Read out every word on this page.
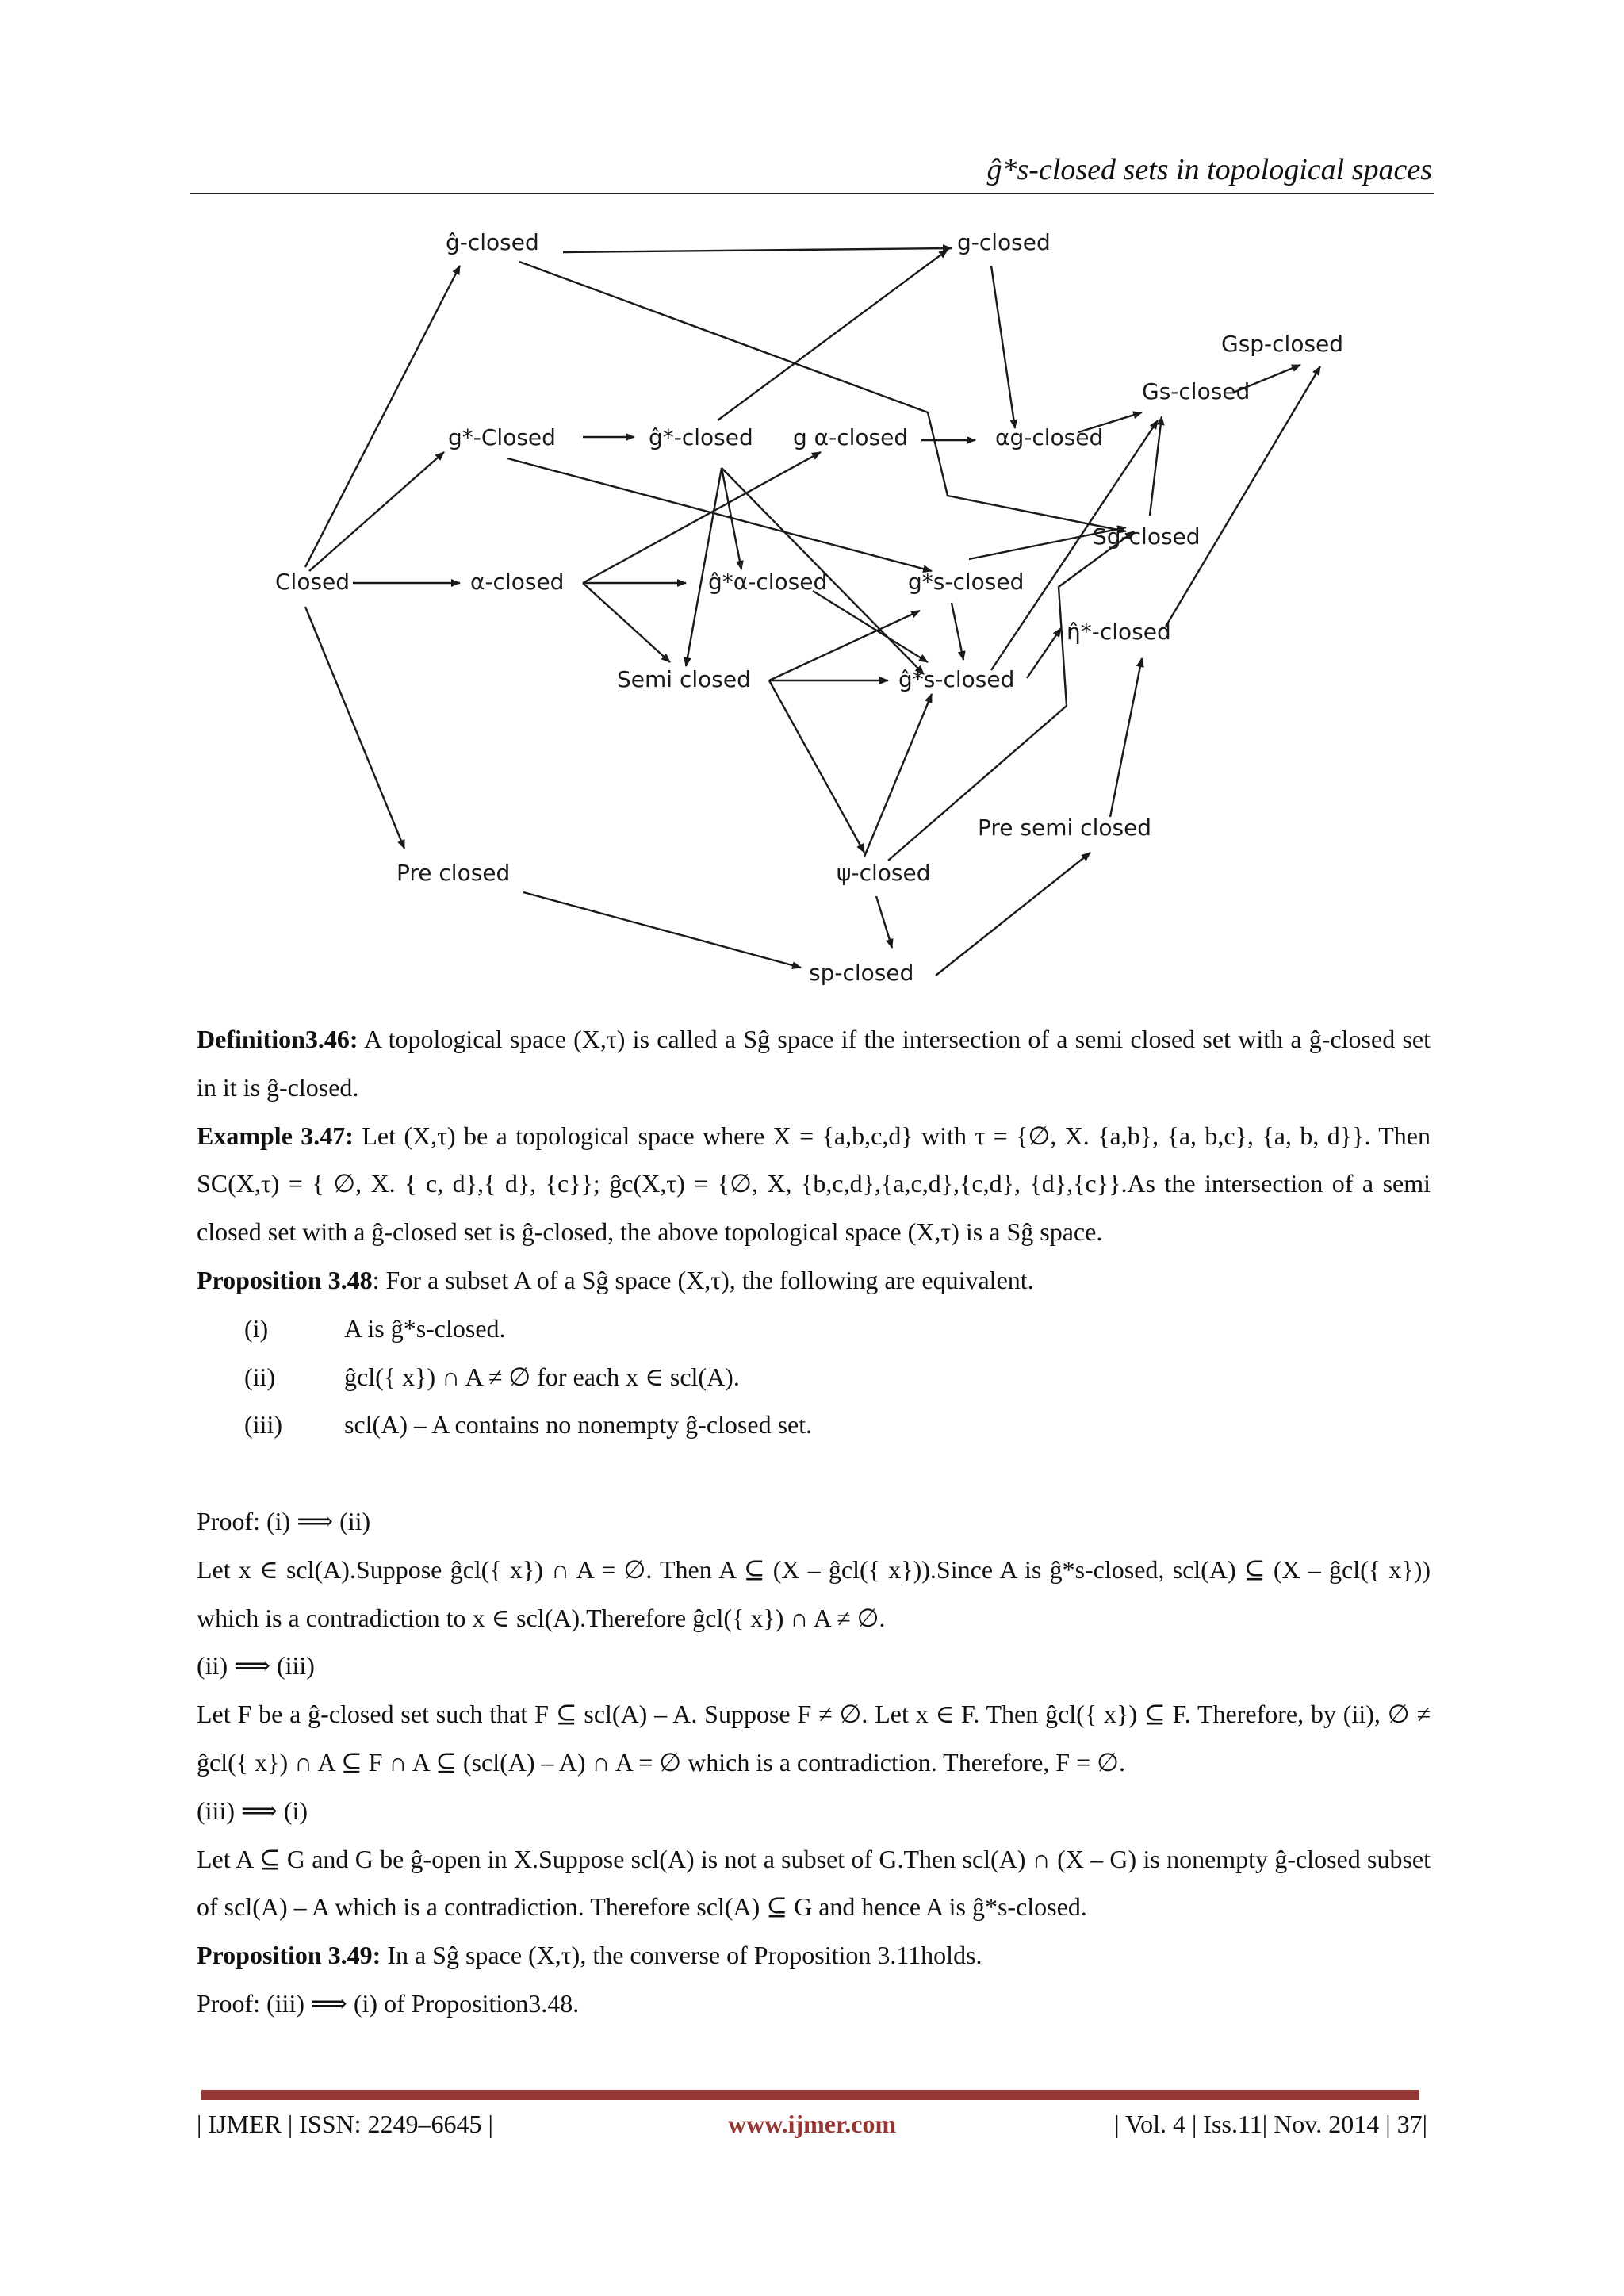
ĝ*s-closed sets in topological spaces
ĝ-closed	g-closed
Gsp-closed
Gs-closed
g*-Closed	ĝ*-closed g α-closed	αg-closed
Sg-closed
Closed	α-closed	ĝ*α-closed	g*s-closed
η̂*-closed
Semi closed	ĝ*s-closed
Pre semi closed
Pre closed	ψ-closed
sp-closed

Definition3.46: A topological space (X,τ) is called a Sĝ space if the intersection of a semi closed set with a ĝ-closed set in it is ĝ-closed.

Example 3.47: Let (X,τ) be a topological space where X = {a,b,c,d} with τ = {∅, X. {a,b}, {a, b,c}, {a, b, d}}. Then SC(X,τ) = { ∅, X. { c, d},{ d}, {c}}; ĝc(X,τ) = {∅, X, {b,c,d},{a,c,d},{c,d}, {d},{c}}.As the intersection of a semi closed set with a ĝ-closed set is ĝ-closed, the above topological space (X,τ) is a Sĝ space.

Proposition 3.48: For a subset A of a Sĝ space (X,τ), the following are equivalent.

(i)	A is ĝ*s-closed.
(ii)	ĝcl({ x}) ∩ A ≠ ∅ for each x ∈ scl(A).
(iii)	scl(A) – A contains no nonempty ĝ-closed set.

Proof: (i) ⟹ (ii)

Let x ∈ scl(A).Suppose ĝcl({ x}) ∩ A = ∅. Then A ⊆ (X – ĝcl({ x})).Since A is ĝ*s-closed, scl(A) ⊆ (X – ĝcl({ x})) which is a contradiction to x ∈ scl(A).Therefore ĝcl({ x}) ∩ A ≠ ∅.

(ii) ⟹ (iii)

Let F be a ĝ-closed set such that F ⊆ scl(A) – A. Suppose F ≠ ∅. Let x ∈ F. Then ĝcl({ x}) ⊆ F. Therefore, by (ii), ∅ ≠ ĝcl({ x}) ∩ A ⊆ F ∩ A ⊆ (scl(A) – A) ∩ A = ∅ which is a contradiction. Therefore, F = ∅.

(iii) ⟹ (i)

Let A ⊆ G and G be ĝ-open in X.Suppose scl(A) is not a subset of G.Then scl(A) ∩ (X – G) is nonempty ĝ-closed subset of scl(A) – A which is a contradiction. Therefore scl(A) ⊆ G and hence A is ĝ*s-closed.

Proposition 3.49: In a Sĝ space (X,τ), the converse of Proposition 3.11holds.

Proof: (iii) ⟹ (i) of Proposition3.48.

| IJMER | ISSN: 2249–6645 |	www.ijmer.com	| Vol. 4 | Iss.11| Nov. 2014 | 37|
